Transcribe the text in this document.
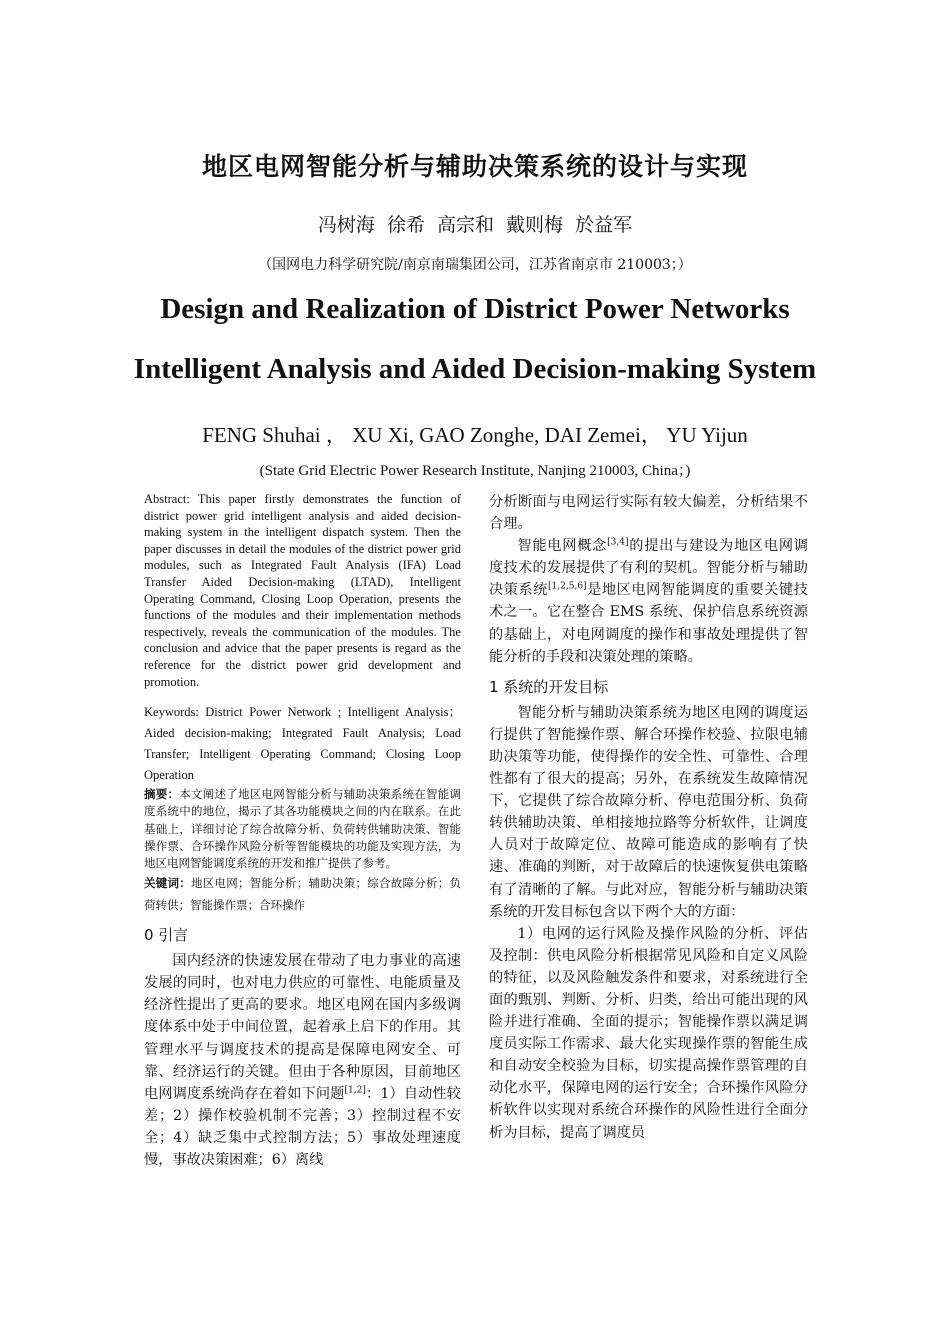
地区电网智能分析与辅助决策系统的设计与实现
冯树海 徐希 高宗和 戴则梅 於益军
（国网电力科学研究院/南京南瑞集团公司，江苏省南京市 210003；）
Design and Realization of District Power Networks
Intelligent Analysis and Aided Decision-making System
FENG Shuhai ， XU Xi, GAO Zonghe, DAI Zemei， YU Yijun
(State Grid Electric Power Research Institute, Nanjing 210003, China；)

Abstract: This paper firstly demonstrates the function of district power grid intelligent analysis and aided decision-making system in the intelligent dispatch system. Then the paper discusses in detail the modules of the district power grid modules, such as Integrated Fault Analysis (IFA) Load Transfer Aided Decision-making (LTAD), Intelligent Operating Command, Closing Loop Operation, presents the functions of the modules and their implementation methods respectively, reveals the communication of the modules. The conclusion and advice that the paper presents is regard as the reference for the district power grid development and promotion.

Keywords: District Power Network ; Intelligent Analysis；Aided decision-making; Integrated Fault Analysis; Load Transfer; Intelligent Operating Command; Closing Loop Operation

摘要：本文阐述了地区电网智能分析与辅助决策系统在智能调度系统中的地位，揭示了其各功能模块之间的内在联系。在此基础上，详细讨论了综合故障分析、负荷转供辅助决策、智能操作票、合环操作风险分析等智能模块的功能及实现方法，为地区电网智能调度系统的开发和推广提供了参考。

关键词：地区电网；智能分析；辅助决策；综合故障分析；负荷转供；智能操作票；合环操作

0 引言

国内经济的快速发展在带动了电力事业的高速发展的同时，也对电力供应的可靠性、电能质量及经济性提出了更高的要求。地区电网在国内多级调度体系中处于中间位置，起着承上启下的作用。其管理水平与调度技术的提高是保障电网安全、可靠、经济运行的关键。但由于各种原因，目前地区电网调度系统尚存在着如下问题[1,2]：1）自动性较差；2）操作校验机制不完善；3）控制过程不安全；4）缺乏集中式控制方法；5）事故处理速度慢，事故决策困难；6）离线

分析断面与电网运行实际有较大偏差，分析结果不合理。

智能电网概念[3,4]的提出与建设为地区电网调度技术的发展提供了有利的契机。智能分析与辅助决策系统[1,2,5,6]是地区电网智能调度的重要关键技术之一。它在整合 EMS 系统、保护信息系统资源的基础上，对电网调度的操作和事故处理提供了智能分析的手段和决策处理的策略。

1 系统的开发目标

智能分析与辅助决策系统为地区电网的调度运行提供了智能操作票、解合环操作校验、拉限电辅助决策等功能，使得操作的安全性、可靠性、合理性都有了很大的提高；另外，在系统发生故障情况下，它提供了综合故障分析、停电范围分析、负荷转供辅助决策、单相接地拉路等分析软件，让调度人员对于故障定位、故障可能造成的影响有了快速、准确的判断，对于故障后的快速恢复供电策略有了清晰的了解。与此对应，智能分析与辅助决策系统的开发目标包含以下两个大的方面：

1）电网的运行风险及操作风险的分析、评估及控制：供电风险分析根据常见风险和自定义风险的特征，以及风险触发条件和要求，对系统进行全面的甄别、判断、分析、归类，给出可能出现的风险并进行准确、全面的提示；智能操作票以满足调度员实际工作需求、最大化实现操作票的智能生成和自动安全校验为目标，切实提高操作票管理的自动化水平，保障电网的运行安全；合环操作风险分析软件以实现对系统合环操作的风险性进行全面分析为目标，提高了调度员
